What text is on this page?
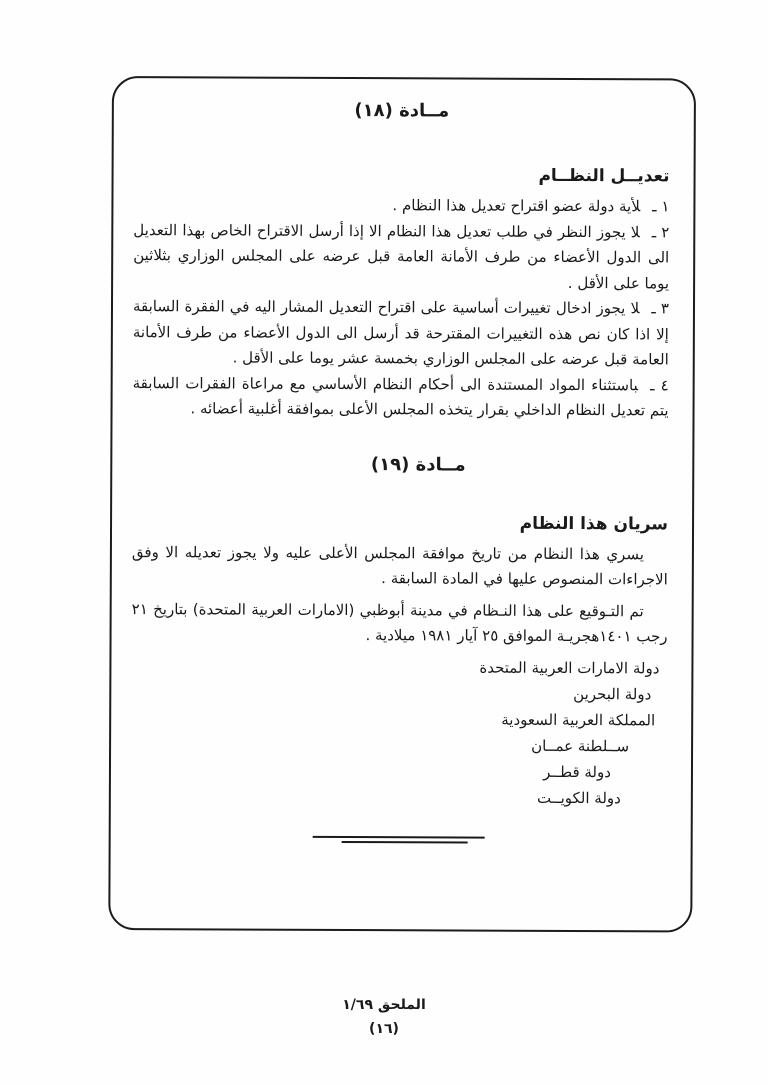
مــادة (١٨)
تعديــل النظــام

١ ـلأية دولة عضو اقتراح تعديل هذا النظام .

٢ ـلا يجوز النظر في طلب تعديل هذا النظام الا إذا أرسل الاقتراح الخاص بهذا التعديل الى الدول الأعضاء من طرف الأمانة العامة قبل عرضه على المجلس الوزاري بثلاثين يوما على الأقل .

٣ ـلا يجوز ادخال تغييرات أساسية على اقتراح التعديل المشار اليه في الفقرة السابقة إلا اذا كان نص هذه التغييرات المقترحة قد أرسل الى الدول الأعضاء من طرف الأمانة العامة قبل عرضه على المجلس الوزاري بخمسة عشر يوما على الأقل .

٤ ـباستثناء المواد المستندة الى أحكام النظام الأساسي مع مراعاة الفقرات السابقة يتم تعديل النظام الداخلي بقرار يتخذه المجلس الأعلى بموافقة أغلبية أعضائه .

مــادة (١٩)
سريان هذا النظام

يسري هذا النظام من تاريخ موافقة المجلس الأعلى عليه ولا يجوز تعديله الا وفق الاجراءات المنصوص عليها في المادة السابقة .

تم التـوقيع على هذا النـظام في مدينة أبوظبي (الامارات العربية المتحدة) بتاريخ ٢١ رجب ١٤٠١هجريـة الموافق ٢٥ آيار ١٩٨١ ميلادية .

دولة الامارات العربية المتحدة
دولة البحرين
المملكة العربية السعودية
ســلطنة عمــان
دولة قطــر
دولة الكويــت
الملحق ١/٦٩
(١٦)
